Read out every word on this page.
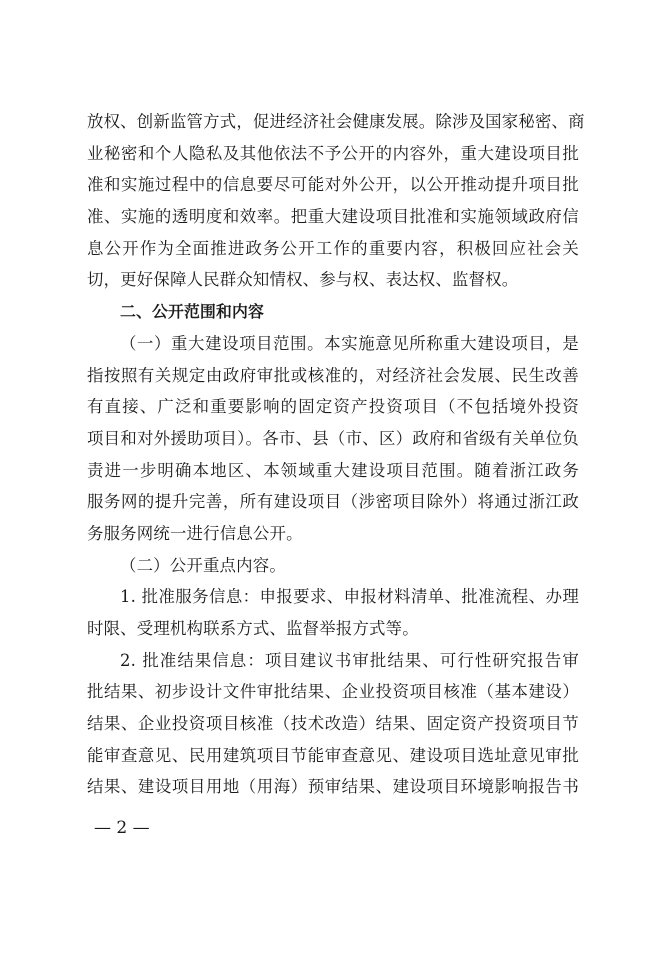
放权、创新监管方式，促进经济社会健康发展。除涉及国家秘密、商
业秘密和个人隐私及其他依法不予公开的内容外，重大建设项目批
准和实施过程中的信息要尽可能对外公开，以公开推动提升项目批
准、实施的透明度和效率。把重大建设项目批准和实施领域政府信
息公开作为全面推进政务公开工作的重要内容，积极回应社会关
切，更好保障人民群众知情权、参与权、表达权、监督权。
二、公开范围和内容
（一）重大建设项目范围。本实施意见所称重大建设项目，是
指按照有关规定由政府审批或核准的，对经济社会发展、民生改善
有直接、广泛和重要影响的固定资产投资项目（不包括境外投资
项目和对外援助项目）。各市、县（市、区）政府和省级有关单位负
责进一步明确本地区、本领域重大建设项目范围。随着浙江政务
服务网的提升完善，所有建设项目（涉密项目除外）将通过浙江政
务服务网统一进行信息公开。
（二）公开重点内容。
1. 批准服务信息：申报要求、申报材料清单、批准流程、办理
时限、受理机构联系方式、监督举报方式等。
2. 批准结果信息：项目建议书审批结果、可行性研究报告审
批结果、初步设计文件审批结果、企业投资项目核准（基本建设）
结果、企业投资项目核准（技术改造）结果、固定资产投资项目节
能审查意见、民用建筑项目节能审查意见、建设项目选址意见审批
结果、建设项目用地（用海）预审结果、建设项目环境影响报告书
— 2 —
